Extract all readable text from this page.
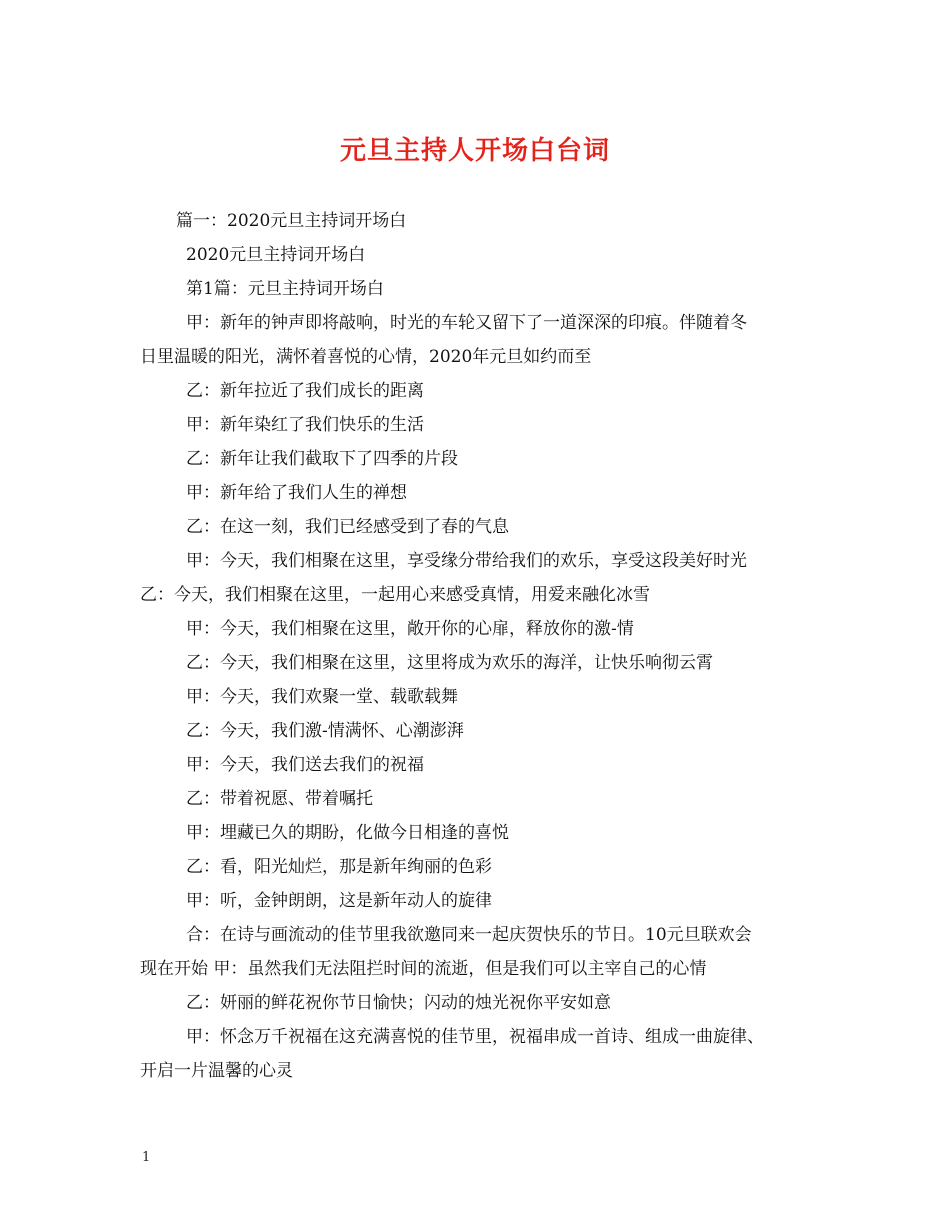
元旦主持人开场白台词

篇一：2020元旦主持词开场白

2020元旦主持词开场白

第1篇：元旦主持词开场白

甲：新年的钟声即将敲响，时光的车轮又留下了一道深深的印痕。伴随着冬

日里温暖的阳光，满怀着喜悦的心情，2020年元旦如约而至

乙：新年拉近了我们成长的距离

甲：新年染红了我们快乐的生活

乙：新年让我们截取下了四季的片段

甲：新年给了我们人生的禅想

乙：在这一刻，我们已经感受到了春的气息

甲：今天，我们相聚在这里，享受缘分带给我们的欢乐，享受这段美好时光

乙：今天，我们相聚在这里，一起用心来感受真情，用爱来融化冰雪

甲：今天，我们相聚在这里，敞开你的心扉，释放你的激-情

乙：今天，我们相聚在这里，这里将成为欢乐的海洋，让快乐响彻云霄

甲：今天，我们欢聚一堂、载歌载舞

乙：今天，我们激-情满怀、心潮澎湃

甲：今天，我们送去我们的祝福

乙：带着祝愿、带着嘱托

甲：埋藏已久的期盼，化做今日相逢的喜悦

乙：看，阳光灿烂，那是新年绚丽的色彩

甲：听，金钟朗朗，这是新年动人的旋律

合：在诗与画流动的佳节里我欲邀同来一起庆贺快乐的节日。10元旦联欢会

现在开始 甲：虽然我们无法阻拦时间的流逝，但是我们可以主宰自己的心情

乙：妍丽的鲜花祝你节日愉快；闪动的烛光祝你平安如意

甲：怀念万千祝福在这充满喜悦的佳节里，祝福串成一首诗、组成一曲旋律、

开启一片温馨的心灵

1
